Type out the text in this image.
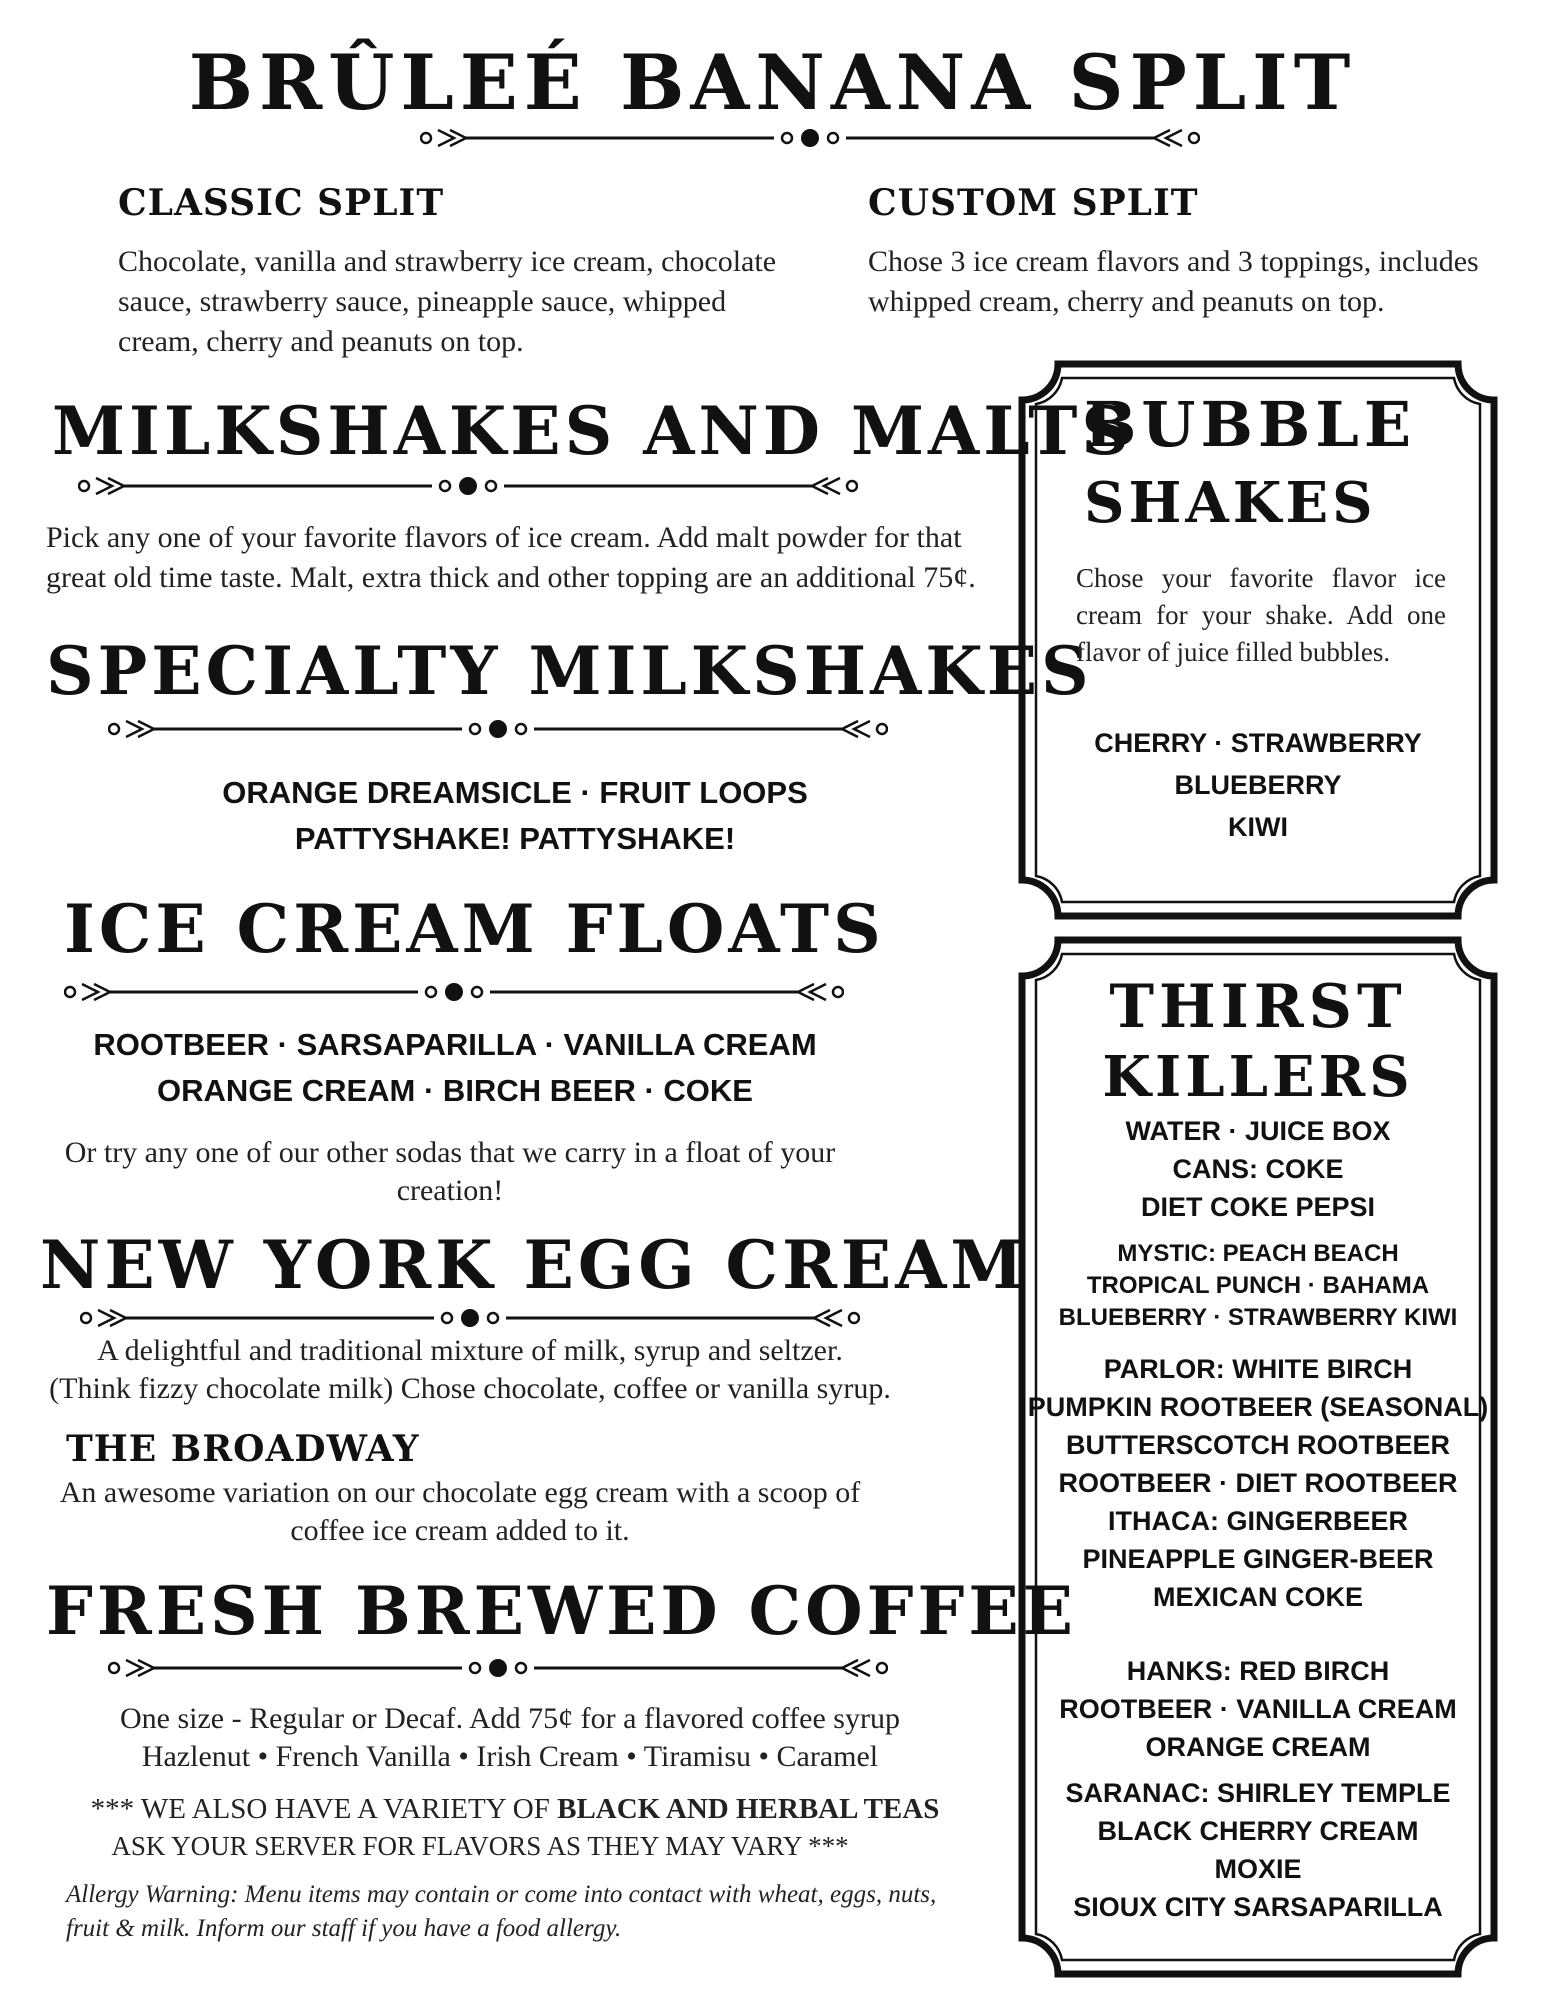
BRÛLEÉ BANANA SPLIT
CLASSIC SPLIT
Chocolate, vanilla and strawberry ice cream, chocolate sauce, strawberry sauce, pineapple sauce, whipped cream, cherry and peanuts on top.
CUSTOM SPLIT
Chose 3 ice cream flavors and 3 toppings, includes whipped cream, cherry and peanuts on top.
MILKSHAKES AND MALTS
Pick any one of your favorite flavors of ice cream. Add malt powder for that great old time taste. Malt, extra thick and other topping are an additional 75¢.
SPECIALTY MILKSHAKES
ORANGE DREAMSICLE · FRUIT LOOPS
PATTYSHAKE! PATTYSHAKE!
ICE CREAM FLOATS
ROOTBEER · SARSAPARILLA · VANILLA CREAM
ORANGE CREAM · BIRCH BEER · COKE
Or try any one of our other sodas that we carry in a float of your creation!
NEW YORK EGG CREAM
A delightful and traditional mixture of milk, syrup and seltzer.
(Think fizzy chocolate milk) Chose chocolate, coffee or vanilla syrup.
THE BROADWAY
An awesome variation on our chocolate egg cream with a scoop of coffee ice cream added to it.
FRESH BREWED COFFEE
One size - Regular or Decaf. Add 75¢ for a flavored coffee syrup
Hazlenut • French Vanilla • Irish Cream • Tiramisu • Caramel
*** WE ALSO HAVE A VARIETY OF BLACK AND HERBAL TEAS
ASK YOUR SERVER FOR FLAVORS AS THEY MAY VARY ***
Allergy Warning: Menu items may contain or come into contact with wheat, eggs, nuts,
fruit & milk. Inform our staff if you have a food allergy.
BUBBLE
SHAKES
Chose your favorite flavor ice cream for your shake. Add one flavor of juice filled bubbles.
CHERRY · STRAWBERRY
BLUEBERRY
KIWI
THIRST
KILLERS
WATER · JUICE BOX
CANS: COKE
DIET COKE PEPSI
MYSTIC: PEACH BEACH
TROPICAL PUNCH · BAHAMA
BLUEBERRY · STRAWBERRY KIWI
PARLOR: WHITE BIRCH
PUMPKIN ROOTBEER (SEASONAL)
BUTTERSCOTCH ROOTBEER
ROOTBEER · DIET ROOTBEER
ITHACA: GINGERBEER
PINEAPPLE GINGER-BEER
MEXICAN COKE
HANKS: RED BIRCH
ROOTBEER · VANILLA CREAM
ORANGE CREAM
SARANAC: SHIRLEY TEMPLE
BLACK CHERRY CREAM
MOXIE
SIOUX CITY SARSAPARILLA
